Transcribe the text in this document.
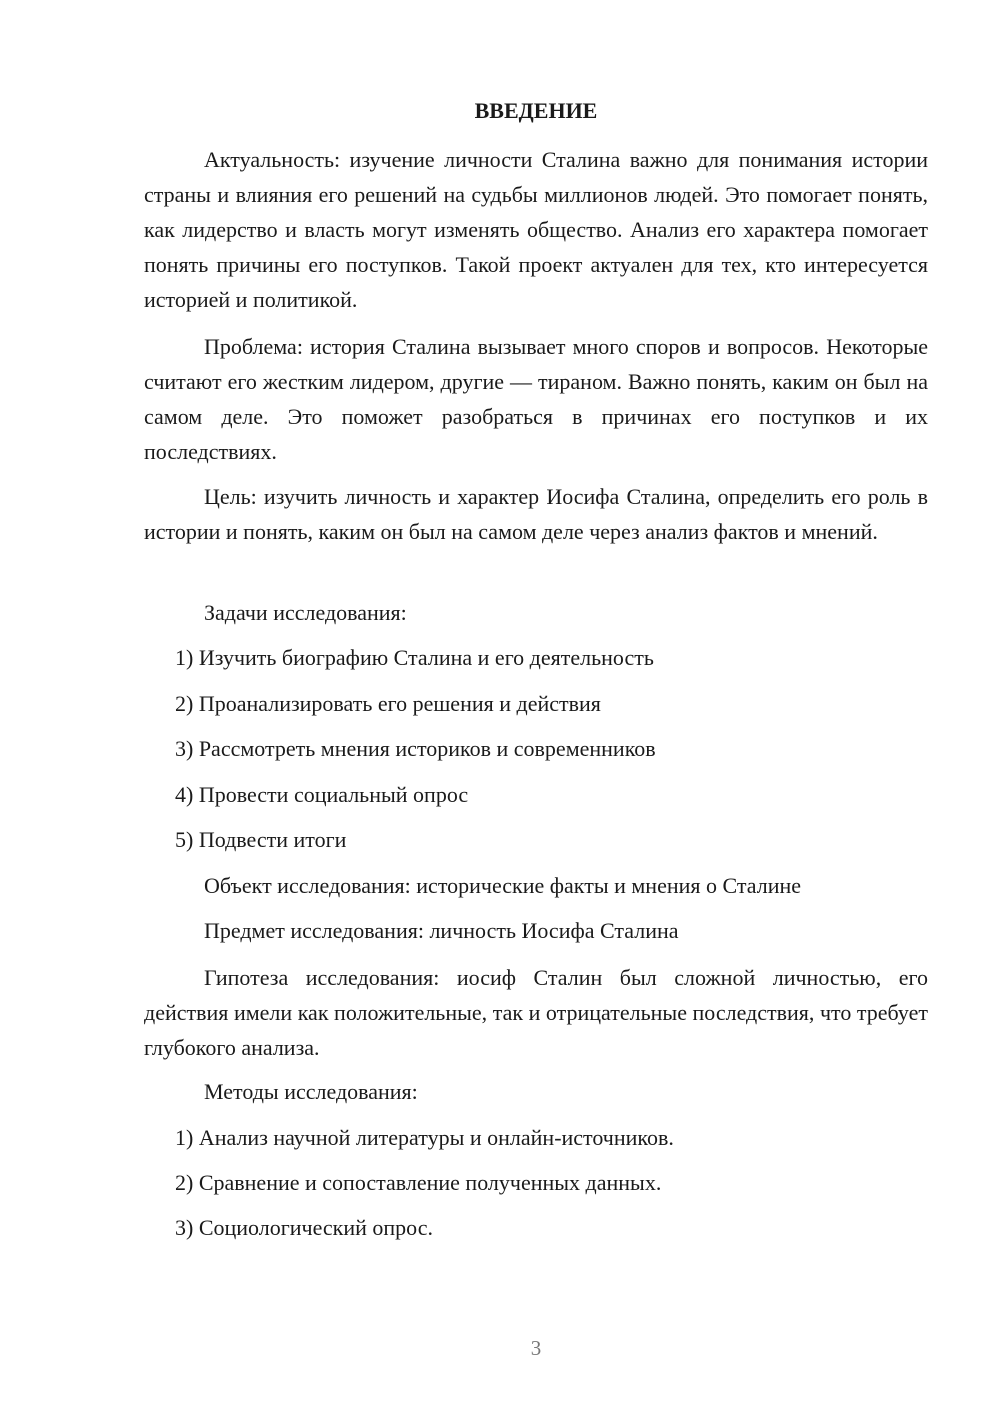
ВВЕДЕНИЕ

Актуальность: изучение личности Сталина важно для понимания истории страны и влияния его решений на судьбы миллионов людей. Это помогает понять, как лидерство и власть могут изменять общество. Анализ его характера помогает понять причины его поступков. Такой проект актуален для тех, кто интересуется историей и политикой.

Проблема: история Сталина вызывает много споров и вопросов. Некоторые считают его жестким лидером, другие — тираном. Важно понять, каким он был на самом деле. Это поможет разобраться в причинах его поступков и их последствиях.

Цель: изучить личность и характер Иосифа Сталина, определить его роль в истории и понять, каким он был на самом деле через анализ фактов и мнений.

Задачи исследования:

1) Изучить биографию Сталина и его деятельность

2) Проанализировать его решения и действия

3) Рассмотреть мнения историков и современников

4) Провести социальный опрос

5) Подвести итоги

Объект исследования: исторические факты и мнения о Сталине

Предмет исследования: личность Иосифа Сталина

Гипотеза исследования: иосиф Сталин был сложной личностью, его действия имели как положительные, так и отрицательные последствия, что требует глубокого анализа.

Методы исследования:

1) Анализ научной литературы и онлайн-источников.

2) Сравнение и сопоставление полученных данных.

3) Социологический опрос.

3
